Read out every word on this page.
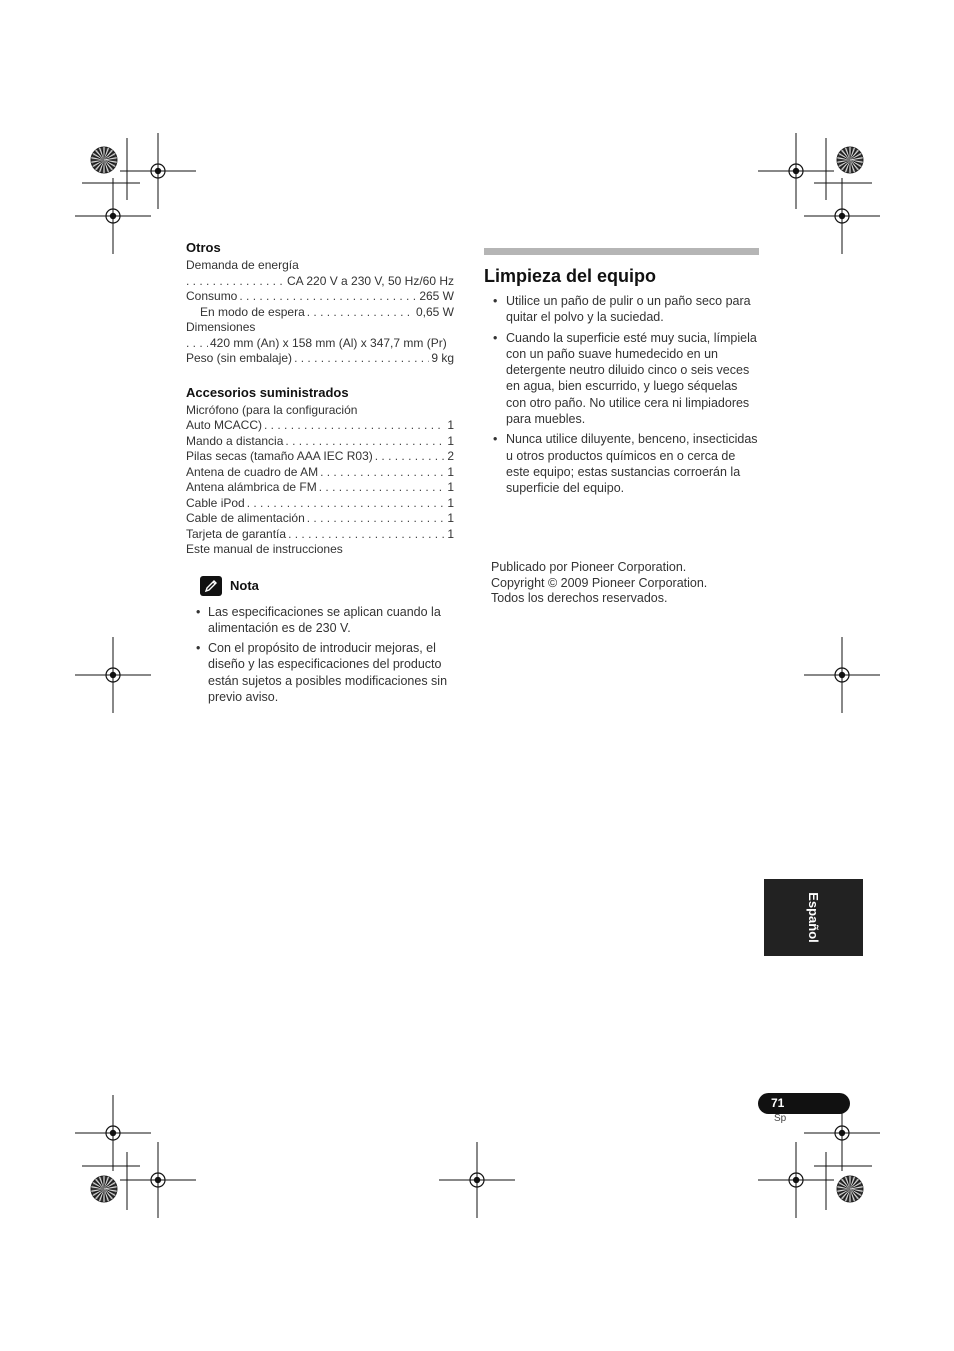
Otros
Demanda de energía
. . .
CA 220 V a 230 V, 50 Hz/60 Hz
Consumo . . .	265 W
En modo de espera . . .	0,65 W
Dimensiones
. . .
420 mm (An) x 158 mm (Al) x 347,7 mm (Pr)
Peso (sin embalaje) . . .	9 kg
Accesorios suministrados
Micrófono (para la configuración
Auto MCACC) . . .	1
Mando a distancia . . .	1
Pilas secas (tamaño AAA IEC R03) . . .	2
Antena de cuadro de AM . . .	1
Antena alámbrica de FM . . .	1
Cable iPod . . .	1
Cable de alimentación . . .	1
Tarjeta de garantía . . .	1
Este manual de instrucciones
Nota
• Las especificaciones se aplican cuando la alimentación es de 230 V.
• Con el propósito de introducir mejoras, el diseño y las especificaciones del producto están sujetos a posibles modificaciones sin previo aviso.
Limpieza del equipo
• Utilice un paño de pulir o un paño seco para quitar el polvo y la suciedad.
• Cuando la superficie esté muy sucia, límpiela con un paño suave humedecido en un detergente neutro diluido cinco o seis veces en agua, bien escurrido, y luego séquelas con otro paño. No utilice cera ni limpiadores para muebles.
• Nunca utilice diluyente, benceno, insecticidas u otros productos químicos en o cerca de este equipo; estas sustancias corroerán la superficie del equipo.
Publicado por Pioneer Corporation.
Copyright © 2009 Pioneer Corporation.
Todos los derechos reservados.
Español
71
Sp
